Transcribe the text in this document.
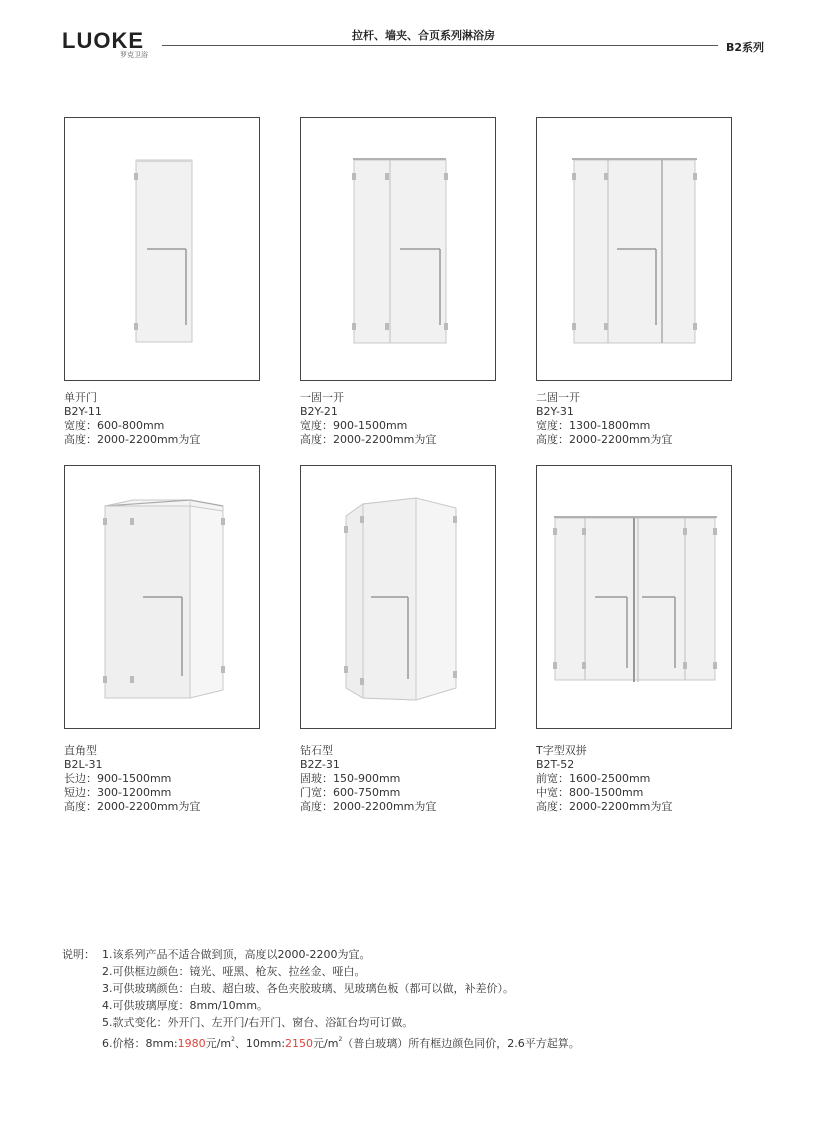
LUOKE
罗克卫浴
拉杆、墙夹、合页系列淋浴房
B2系列
单开门
B2Y-11
宽度：600-800mm
高度：2000-2200mm为宜
一固一开
B2Y-21
宽度：900-1500mm
高度：2000-2200mm为宜
二固一开
B2Y-31
宽度：1300-1800mm
高度：2000-2200mm为宜
直角型
B2L-31
长边：900-1500mm
短边：300-1200mm
高度：2000-2200mm为宜
钻石型
B2Z-31
固玻：150-900mm
门宽：600-750mm
高度：2000-2200mm为宜
T字型双拼
B2T-52
前宽：1600-2500mm
中宽：800-1500mm
高度：2000-2200mm为宜
说明： 1.该系列产品不适合做到顶，高度以2000-2200为宜。
2.可供框边颜色：镜光、哑黑、枪灰、拉丝金、哑白。
3.可供玻璃颜色：白玻、超白玻、各色夹胶玻璃、见玻璃色板（都可以做，补差价）。
4.可供玻璃厚度：8mm/10mm。
5.款式变化：外开门、左开门/右开门、窗台、浴缸台均可订做。
6.价格：8mm:1980元$/m^2$、10mm:2150元$/m^2$（普白玻璃）所有框边颜色同价，2.6平方起算。
